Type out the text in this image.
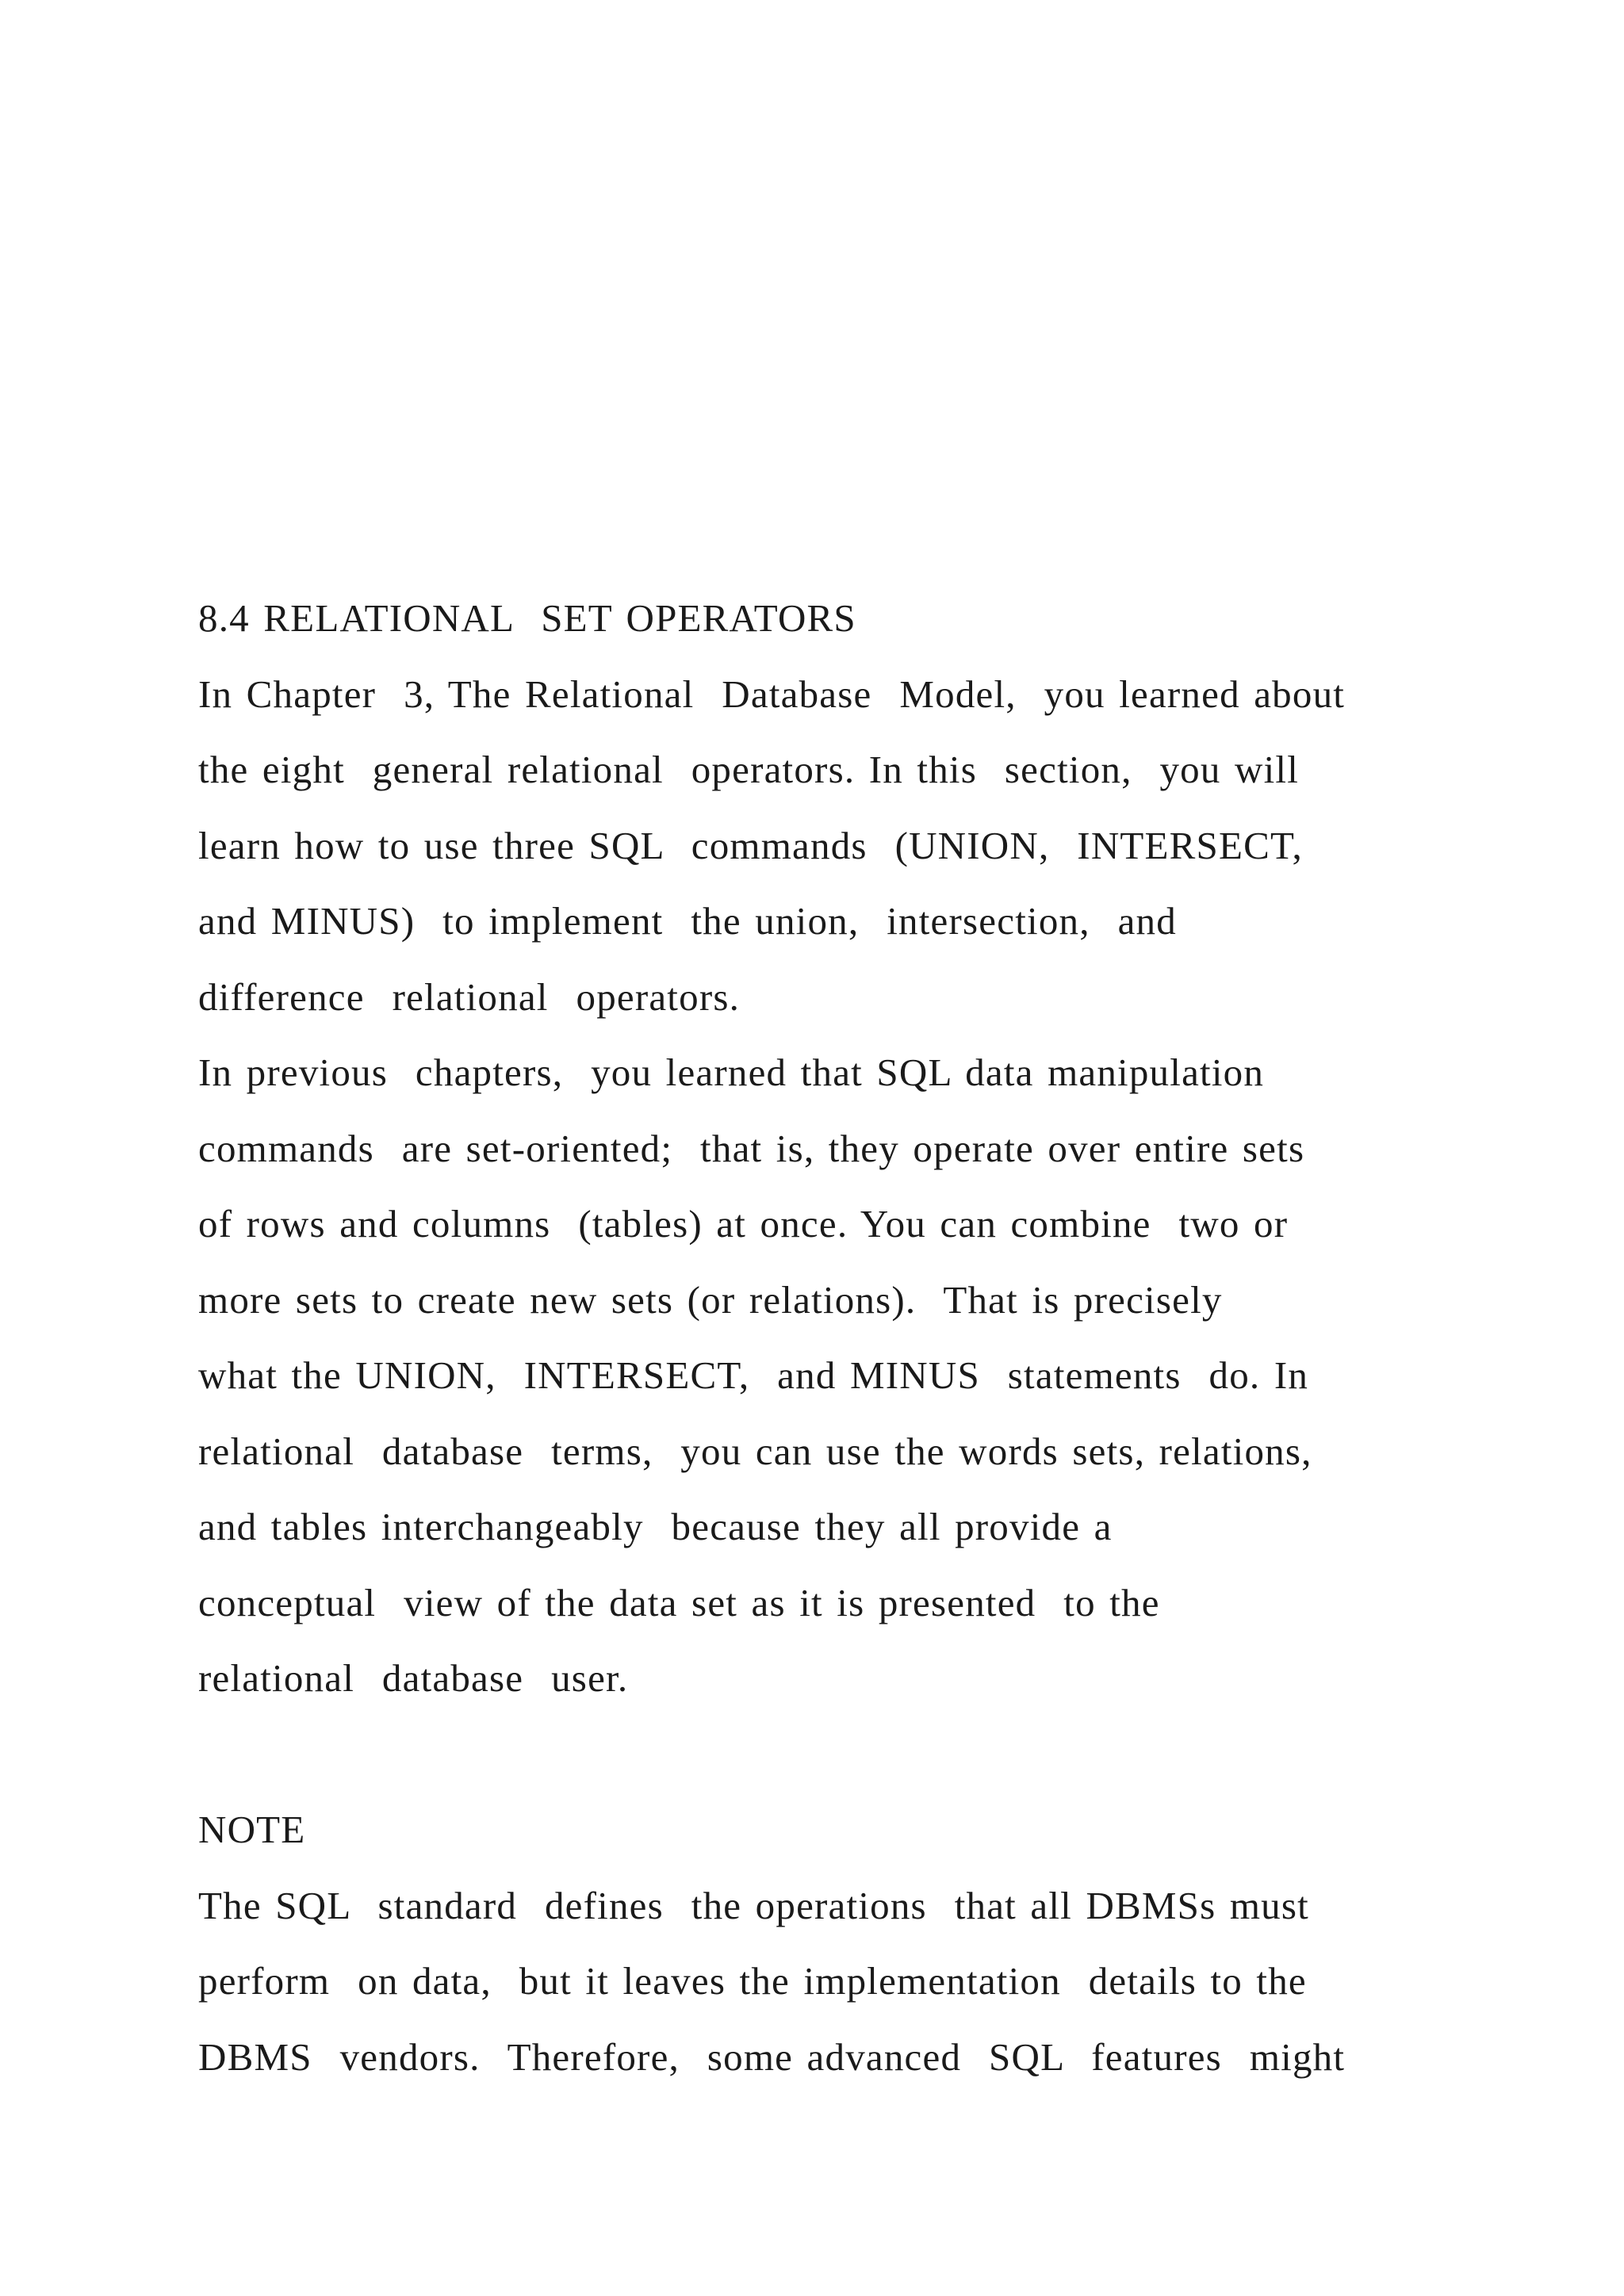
8.4 RELATIONAL  SET OPERATORS
In Chapter  3, The Relational  Database  Model,  you learned about
the eight  general relational  operators. In this  section,  you will
learn how to use three SQL  commands  (UNION,  INTERSECT,
and MINUS)  to implement  the union,  intersection,  and
difference  relational  operators.
In previous  chapters,  you learned that SQL data manipulation
commands  are set-oriented;  that is, they operate over entire sets
of rows and columns  (tables) at once. You can combine  two or
more sets to create new sets (or relations).  That is precisely
what the UNION,  INTERSECT,  and MINUS  statements  do. In
relational  database  terms,  you can use the words sets, relations,
and tables interchangeably  because they all provide a
conceptual  view of the data set as it is presented  to the
relational  database  user.
NOTE
The SQL  standard  defines  the operations  that all DBMSs must
perform  on data,  but it leaves the implementation  details to the
DBMS  vendors.  Therefore,  some advanced  SQL  features  might
